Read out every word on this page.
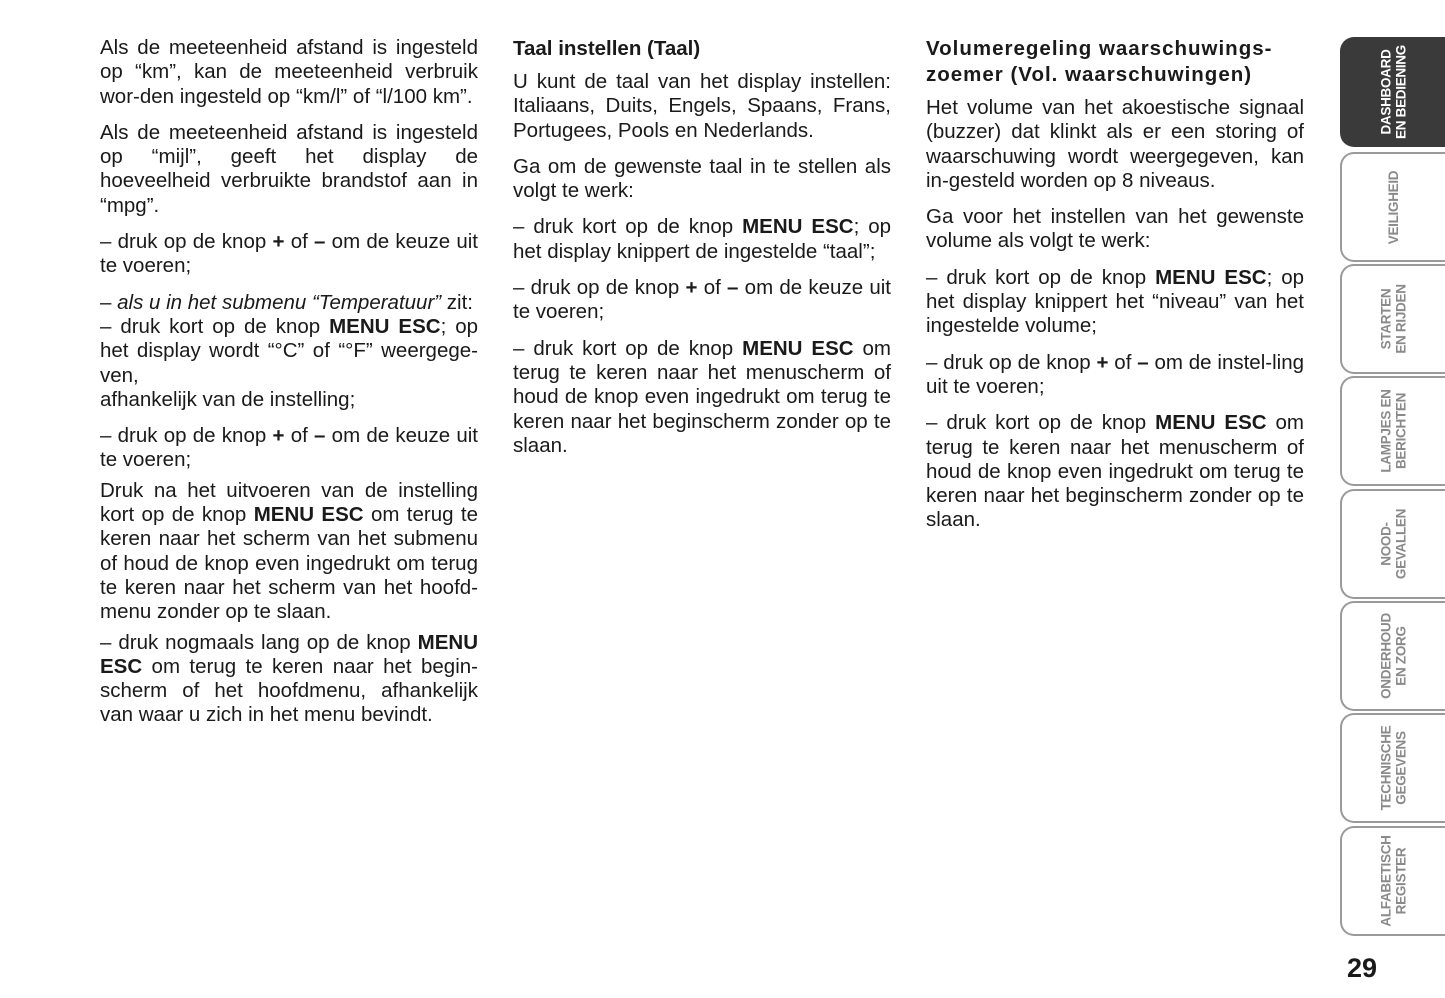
Als de meeteenheid afstand is ingesteld op “km”, kan de meeteenheid verbruik wor-den ingesteld op “km/l” of “l/100 km”.

Als de meeteenheid afstand is ingesteld op “mijl”, geeft het display de hoeveelheid verbruikte brandstof aan in “mpg”.

– druk op de knop + of – om de keuze uit te voeren;

– als u in het submenu “Temperatuur” zit:

– druk kort op de knop MENU ESC; op het display wordt “°C” of “°F” weergege-ven,

afhankelijk van de instelling;

– druk op de knop + of – om de keuze uit te voeren;

Druk na het uitvoeren van de instelling kort op de knop MENU ESC om terug te keren naar het scherm van het submenu of houd de knop even ingedrukt om terug te keren naar het scherm van het hoofd-menu zonder op te slaan.

– druk nogmaals lang op de knop MENU ESC om terug te keren naar het begin-scherm of het hoofdmenu, afhankelijk van waar u zich in het menu bevindt.

Taal instellen (Taal)

U kunt de taal van het display instellen: Italiaans, Duits, Engels, Spaans, Frans, Portugees, Pools en Nederlands.

Ga om de gewenste taal in te stellen als volgt te werk:

– druk kort op de knop MENU ESC; op het display knippert de ingestelde “taal”;

– druk op de knop + of – om de keuze uit te voeren;

– druk kort op de knop MENU ESC om terug te keren naar het menuscherm of houd de knop even ingedrukt om terug te keren naar het beginscherm zonder op te slaan.

Volumeregeling waarschuwings-zoemer (Vol. waarschuwingen)

Het volume van het akoestische signaal (buzzer) dat klinkt als er een storing of waarschuwing wordt weergegeven, kan in-gesteld worden op 8 niveaus.

Ga voor het instellen van het gewenste volume als volgt te werk:

– druk kort op de knop MENU ESC; op het display knippert het “niveau” van het ingestelde volume;

– druk op de knop + of – om de instel-ling uit te voeren;

– druk kort op de knop MENU ESC om terug te keren naar het menuscherm of houd de knop even ingedrukt om terug te keren naar het beginscherm zonder op te slaan.

DASHBOARD
EN BEDIENING
VEILIGHEID
STARTEN
EN RIJDEN
LAMPJES EN
BERICHTEN
NOOD-
GEVALLEN
ONDERHOUD
EN ZORG
TECHNISCHE
GEGEVENS
ALFABETISCH
REGISTER
29
